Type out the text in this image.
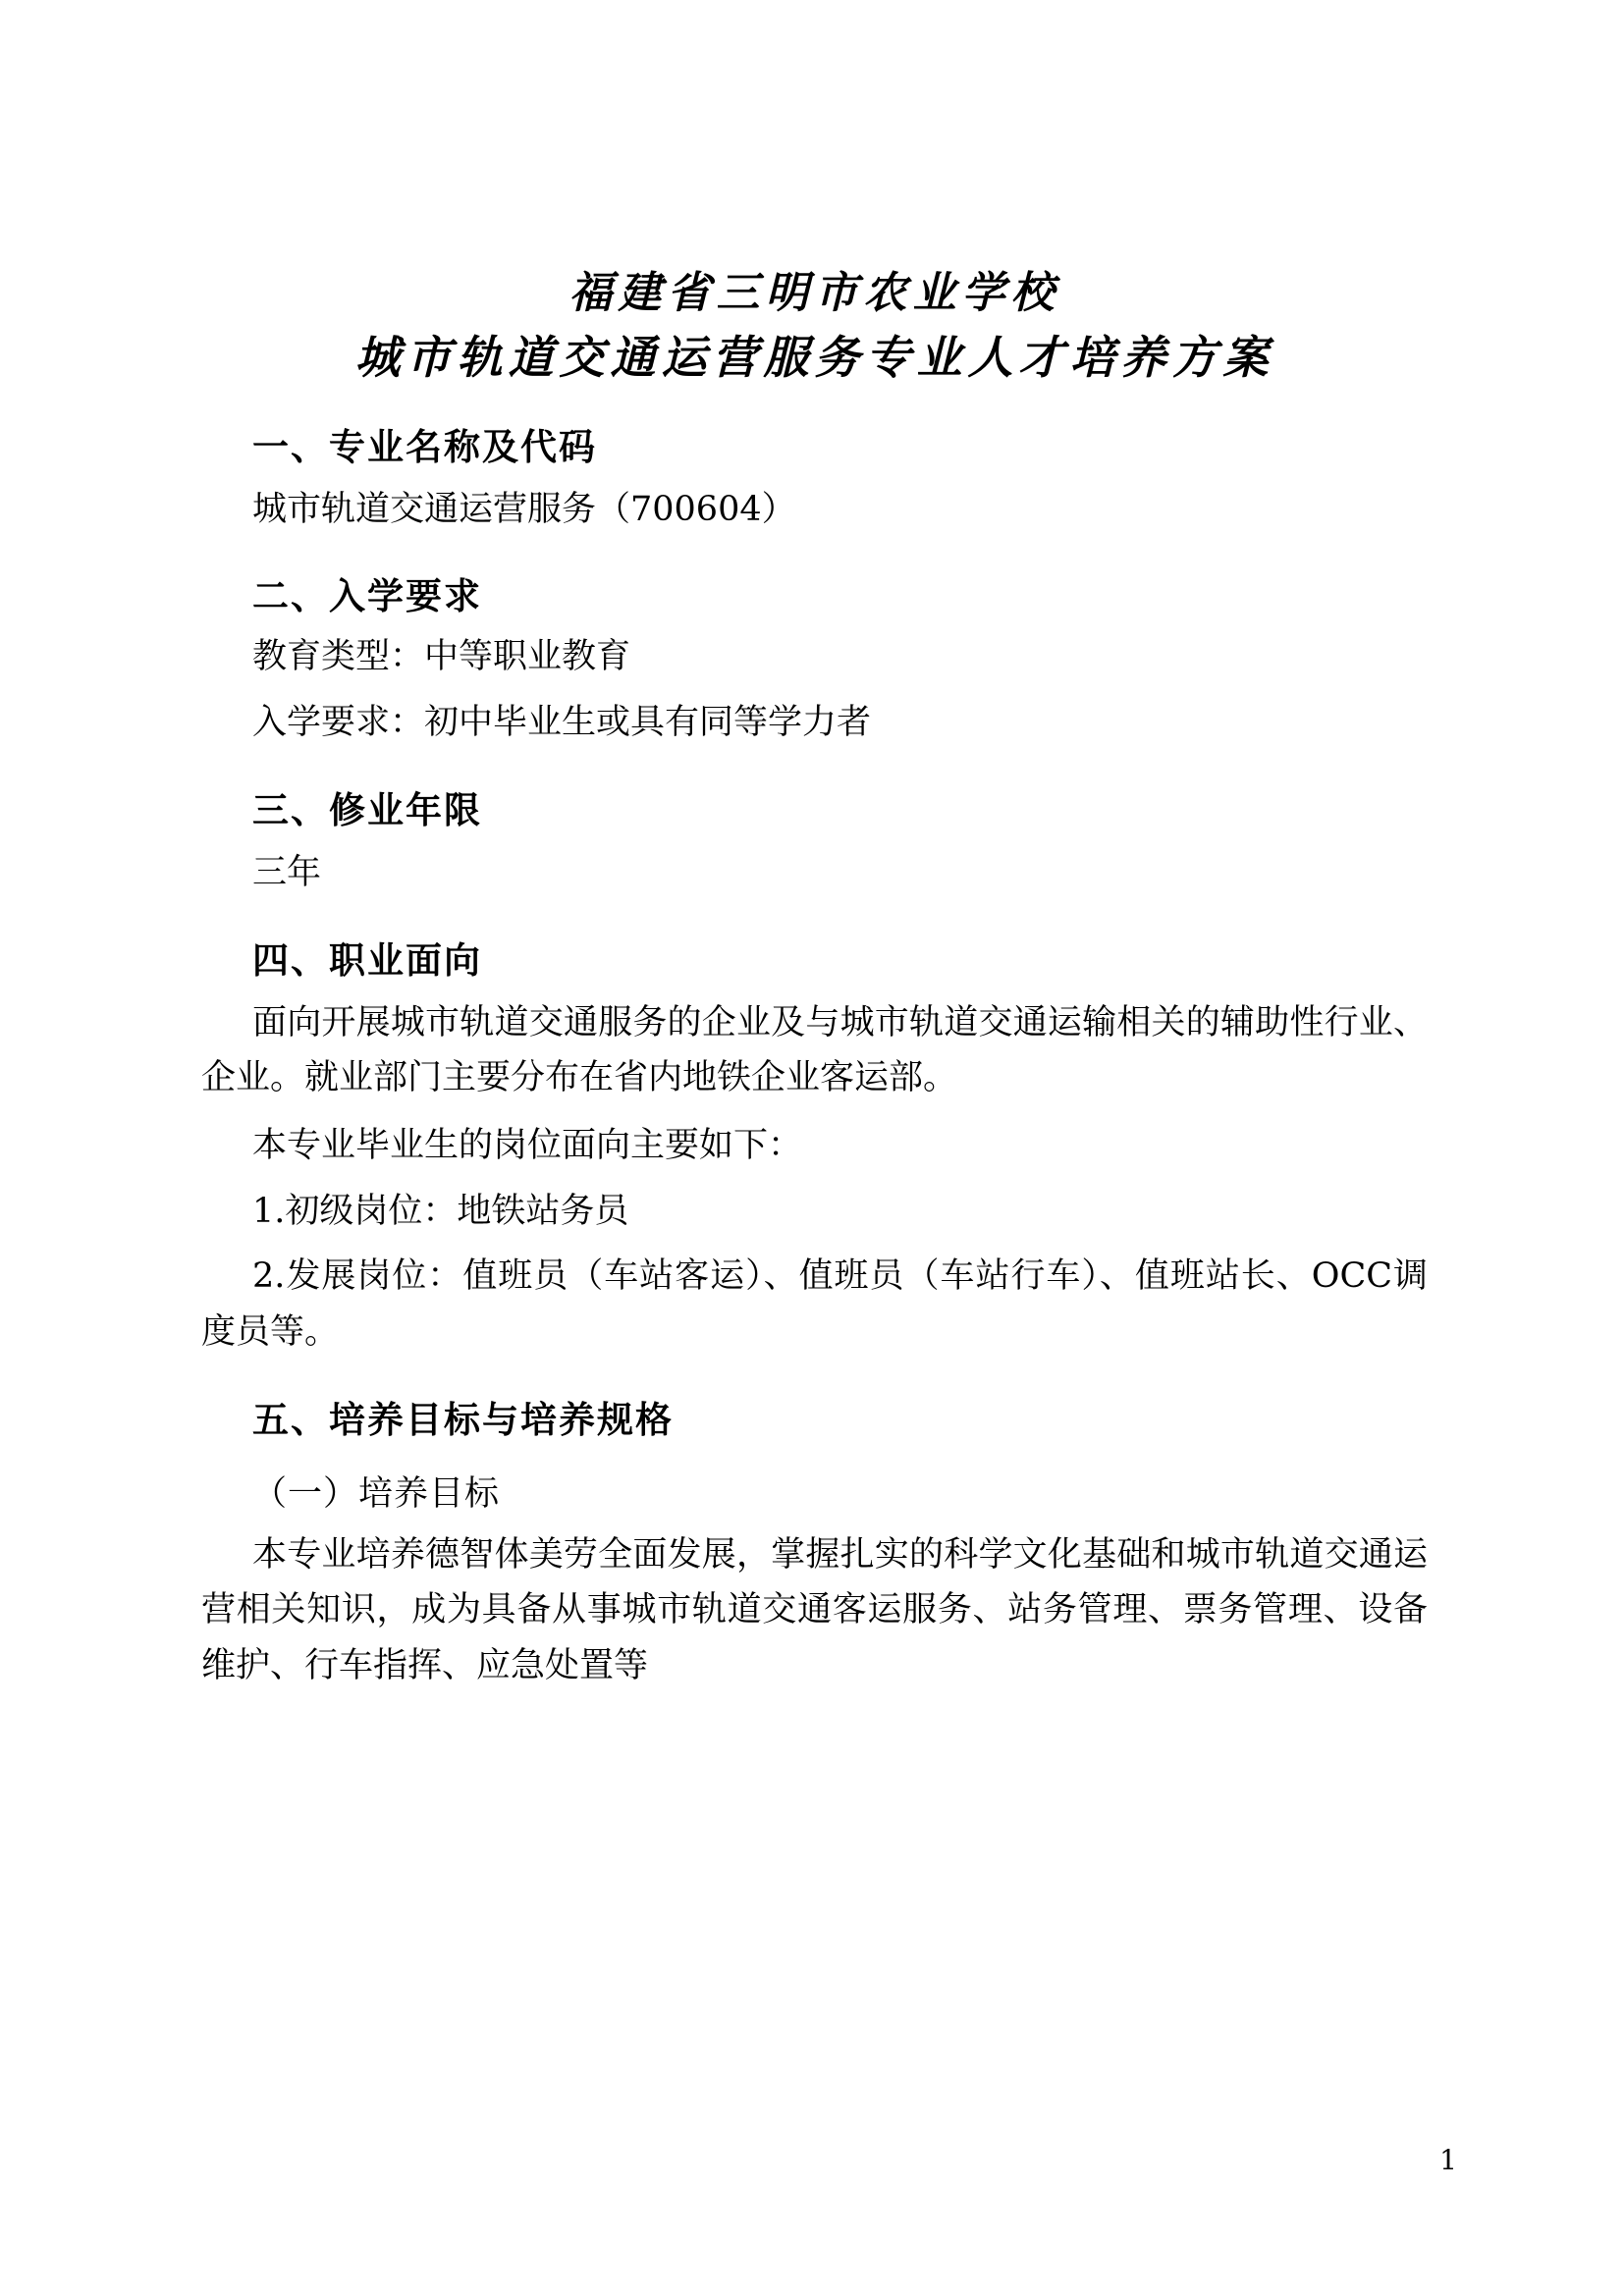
福建省三明市农业学校
城市轨道交通运营服务专业人才培养方案
一、专业名称及代码

城市轨道交通运营服务（700604）

二、入学要求

教育类型：中等职业教育

入学要求：初中毕业生或具有同等学力者

三、修业年限

三年

四、职业面向

面向开展城市轨道交通服务的企业及与城市轨道交通运输相关的辅助性行业、企业。就业部门主要分布在省内地铁企业客运部。

本专业毕业生的岗位面向主要如下：

1.初级岗位：地铁站务员

2.发展岗位：值班员（车站客运）、值班员（车站行车）、值班站长、OCC调度员等。

五、培养目标与培养规格
（一）培养目标

本专业培养德智体美劳全面发展，掌握扎实的科学文化基础和城市轨道交通运营相关知识，成为具备从事城市轨道交通客运服务、站务管理、票务管理、设备维护、行车指挥、应急处置等

1
